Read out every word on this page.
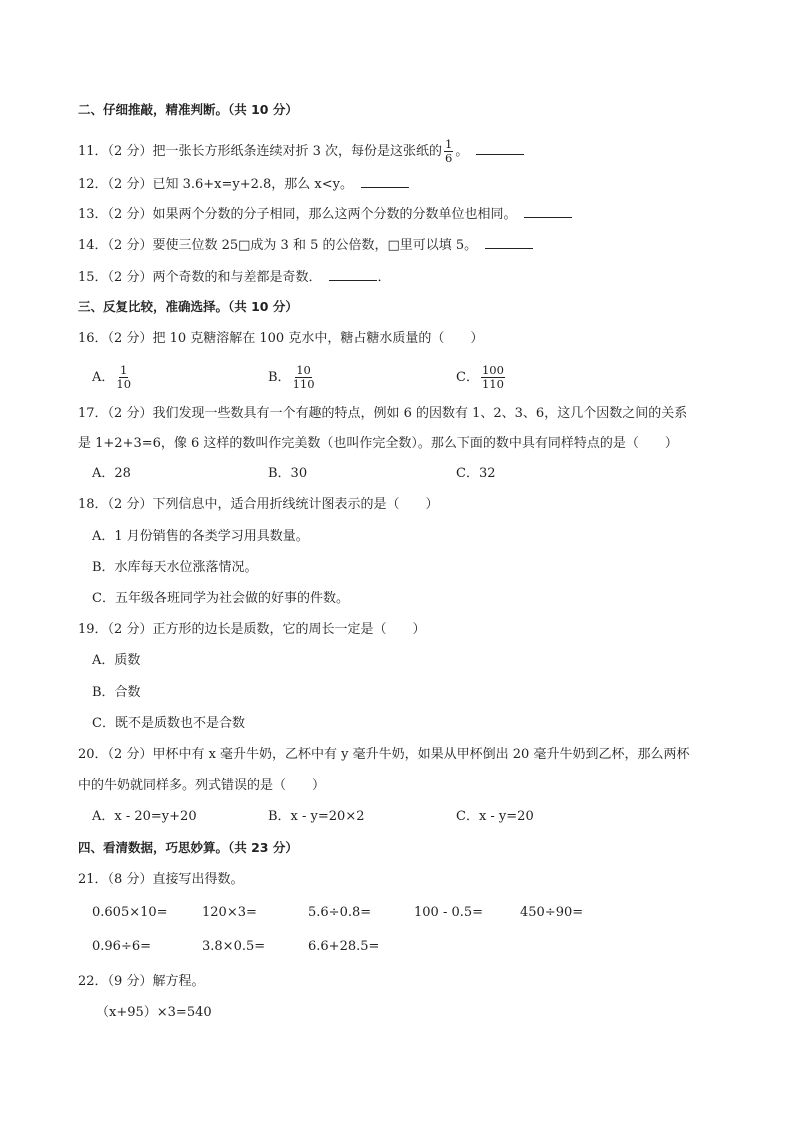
二、仔细推敲，精准判断。（共 10 分）
11．（2 分）把一张长方形纸条连续对折 3 次，每份是这张纸的 $\frac{1}{6}$ 。
12．（2 分）已知 3.6+x=y+2.8，那么 x<y。
13．（2 分）如果两个分数的分子相同，那么这两个分数的分数单位也相同。
14．（2 分）要使三位数 25□成为 3 和 5 的公倍数，□里可以填 5。
15．（2 分）两个奇数的和与差都是奇数．	．
三、反复比较，准确选择。（共 10 分）
16．（2 分）把 10 克糖溶解在 100 克水中，糖占糖水质量的（　　）
A． $\frac{1}{10}$	B． $\frac{10}{110}$	C． $\frac{100}{110}$
17．（2 分）我们发现一些数具有一个有趣的特点，例如 6 的因数有 1、2、3、6，这几个因数之间的关系
是 1+2+3=6，像 6 这样的数叫作完美数（也叫作完全数）。那么下面的数中具有同样特点的是（　　）
A．28	B．30	C．32
18．（2 分）下列信息中，适合用折线统计图表示的是（　　）
A．1 月份销售的各类学习用具数量。
B．水库每天水位涨落情况。
C．五年级各班同学为社会做的好事的件数。
19．（2 分）正方形的边长是质数，它的周长一定是（　　）
A．质数
B．合数
C．既不是质数也不是合数
20．（2 分）甲杯中有 x 毫升牛奶，乙杯中有 y 毫升牛奶，如果从甲杯倒出 20 毫升牛奶到乙杯，那么两杯
中的牛奶就同样多。列式错误的是（　　）
A．x - 20=y+20	B．x - y=20×2	C．x - y=20
四、看清数据，巧思妙算。（共 23 分）
21．（8 分）直接写出得数。
0.605×10=	120×3=	5.6÷0.8=	100 - 0.5=	450÷90=
0.96÷6=	3.8×0.5=	6.6+28.5=
22．（9 分）解方程。
（x+95）×3=540
